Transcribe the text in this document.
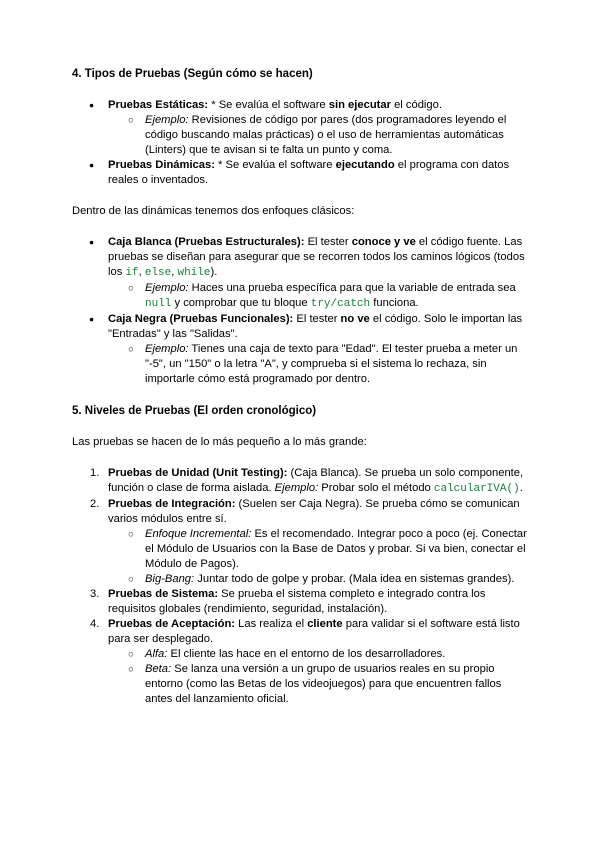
4. Tipos de Pruebas (Según cómo se hacen)

● Pruebas Estáticas: * Se evalúa el software sin ejecutar el código.
○ Ejemplo: Revisiones de código por pares (dos programadores leyendo el código buscando malas prácticas) o el uso de herramientas automáticas (Linters) que te avisan si te falta un punto y coma.
● Pruebas Dinámicas: * Se evalúa el software ejecutando el programa con datos reales o inventados.

Dentro de las dinámicas tenemos dos enfoques clásicos:

● Caja Blanca (Pruebas Estructurales): El tester conoce y ve el código fuente. Las pruebas se diseñan para asegurar que se recorren todos los caminos lógicos (todos los if, else, while).
○ Ejemplo: Haces una prueba específica para que la variable de entrada sea null y comprobar que tu bloque try/catch funciona.
● Caja Negra (Pruebas Funcionales): El tester no ve el código. Solo le importan las "Entradas" y las "Salidas".
○ Ejemplo: Tienes una caja de texto para "Edad". El tester prueba a meter un "-5", un "150" o la letra "A", y comprueba si el sistema lo rechaza, sin importarle cómo está programado por dentro.

5. Niveles de Pruebas (El orden cronológico)

Las pruebas se hacen de lo más pequeño a lo más grande:

1. Pruebas de Unidad (Unit Testing): (Caja Blanca). Se prueba un solo componente, función o clase de forma aislada. Ejemplo: Probar solo el método calcularIVA().
2. Pruebas de Integración: (Suelen ser Caja Negra). Se prueba cómo se comunican varios módulos entre sí.
○ Enfoque Incremental: Es el recomendado. Integrar poco a poco (ej. Conectar el Módulo de Usuarios con la Base de Datos y probar. Si va bien, conectar el Módulo de Pagos).
○ Big-Bang: Juntar todo de golpe y probar. (Mala idea en sistemas grandes).
3. Pruebas de Sistema: Se prueba el sistema completo e integrado contra los requisitos globales (rendimiento, seguridad, instalación).
4. Pruebas de Aceptación: Las realiza el cliente para validar si el software está listo para ser desplegado.
○ Alfa: El cliente las hace en el entorno de los desarrolladores.
○ Beta: Se lanza una versión a un grupo de usuarios reales en su propio entorno (como las Betas de los videojuegos) para que encuentren fallos antes del lanzamiento oficial.
